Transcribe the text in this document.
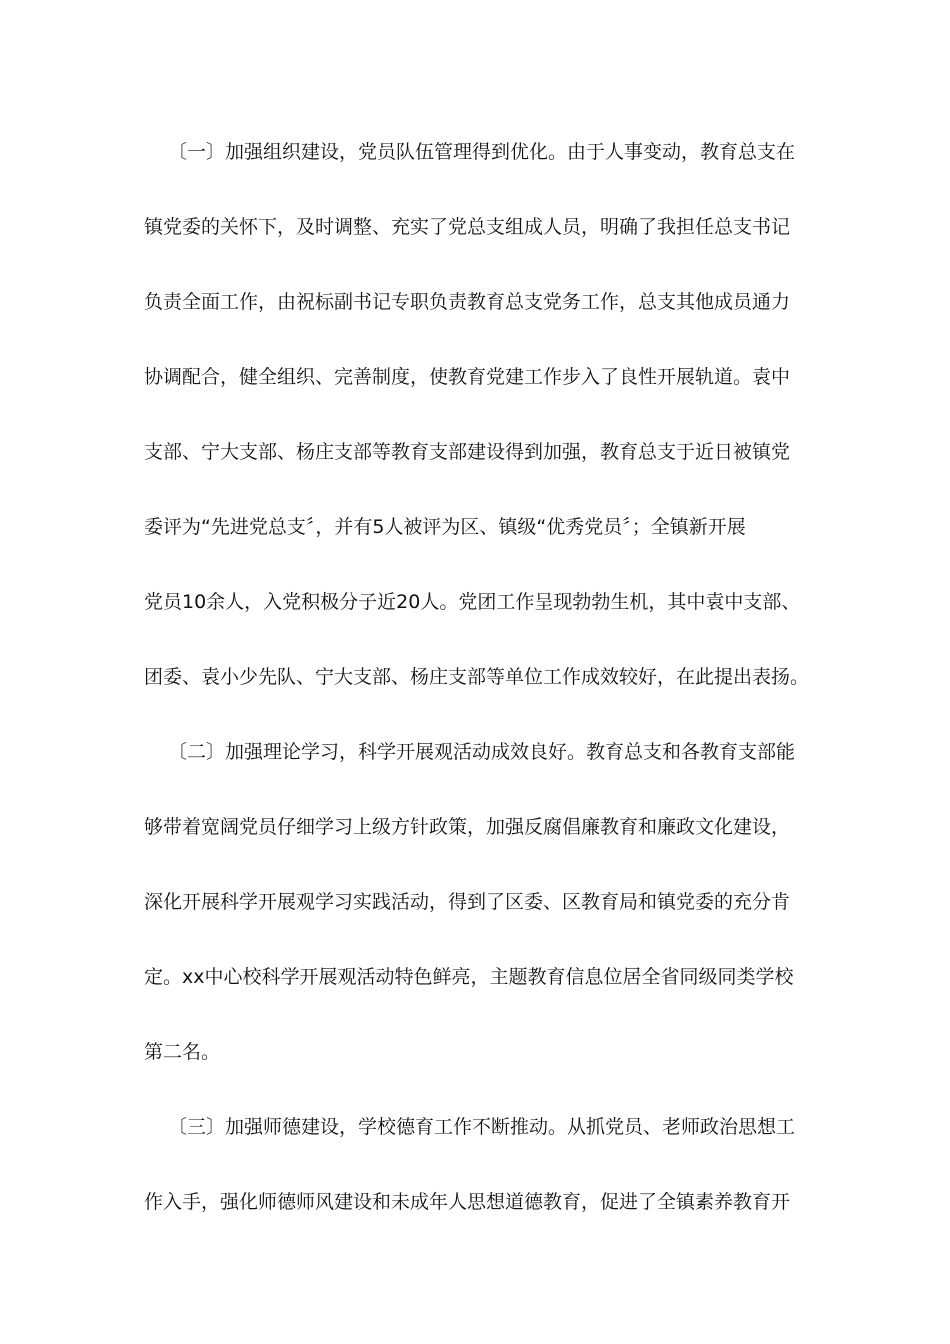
〔一〕加强组织建设，党员队伍管理得到优化。由于人事变动，教育总支在
镇党委的关怀下，及时调整、充实了党总支组成人员，明确了我担任总支书记
负责全面工作，由祝标副书记专职负责教育总支党务工作，总支其他成员通力
协调配合，健全组织、完善制度，使教育党建工作步入了良性开展轨道。袁中
支部、宁大支部、杨庄支部等教育支部建设得到加强，教育总支于近日被镇党
委评为“先进党总支〞，并有5人被评为区、镇级“优秀党员〞；全镇新开展
党员10余人，入党积极分子近20人。党团工作呈现勃勃生机，其中袁中支部、
团委、袁小少先队、宁大支部、杨庄支部等单位工作成效较好，在此提出表扬。
〔二〕加强理论学习，科学开展观活动成效良好。教育总支和各教育支部能
够带着宽阔党员仔细学习上级方针政策，加强反腐倡廉教育和廉政文化建设，
深化开展科学开展观学习实践活动，得到了区委、区教育局和镇党委的充分肯
定。xx中心校科学开展观活动特色鲜亮，主题教育信息位居全省同级同类学校
第二名。
〔三〕加强师德建设，学校德育工作不断推动。从抓党员、老师政治思想工
作入手，强化师德师风建设和未成年人思想道德教育，促进了全镇素养教育开
